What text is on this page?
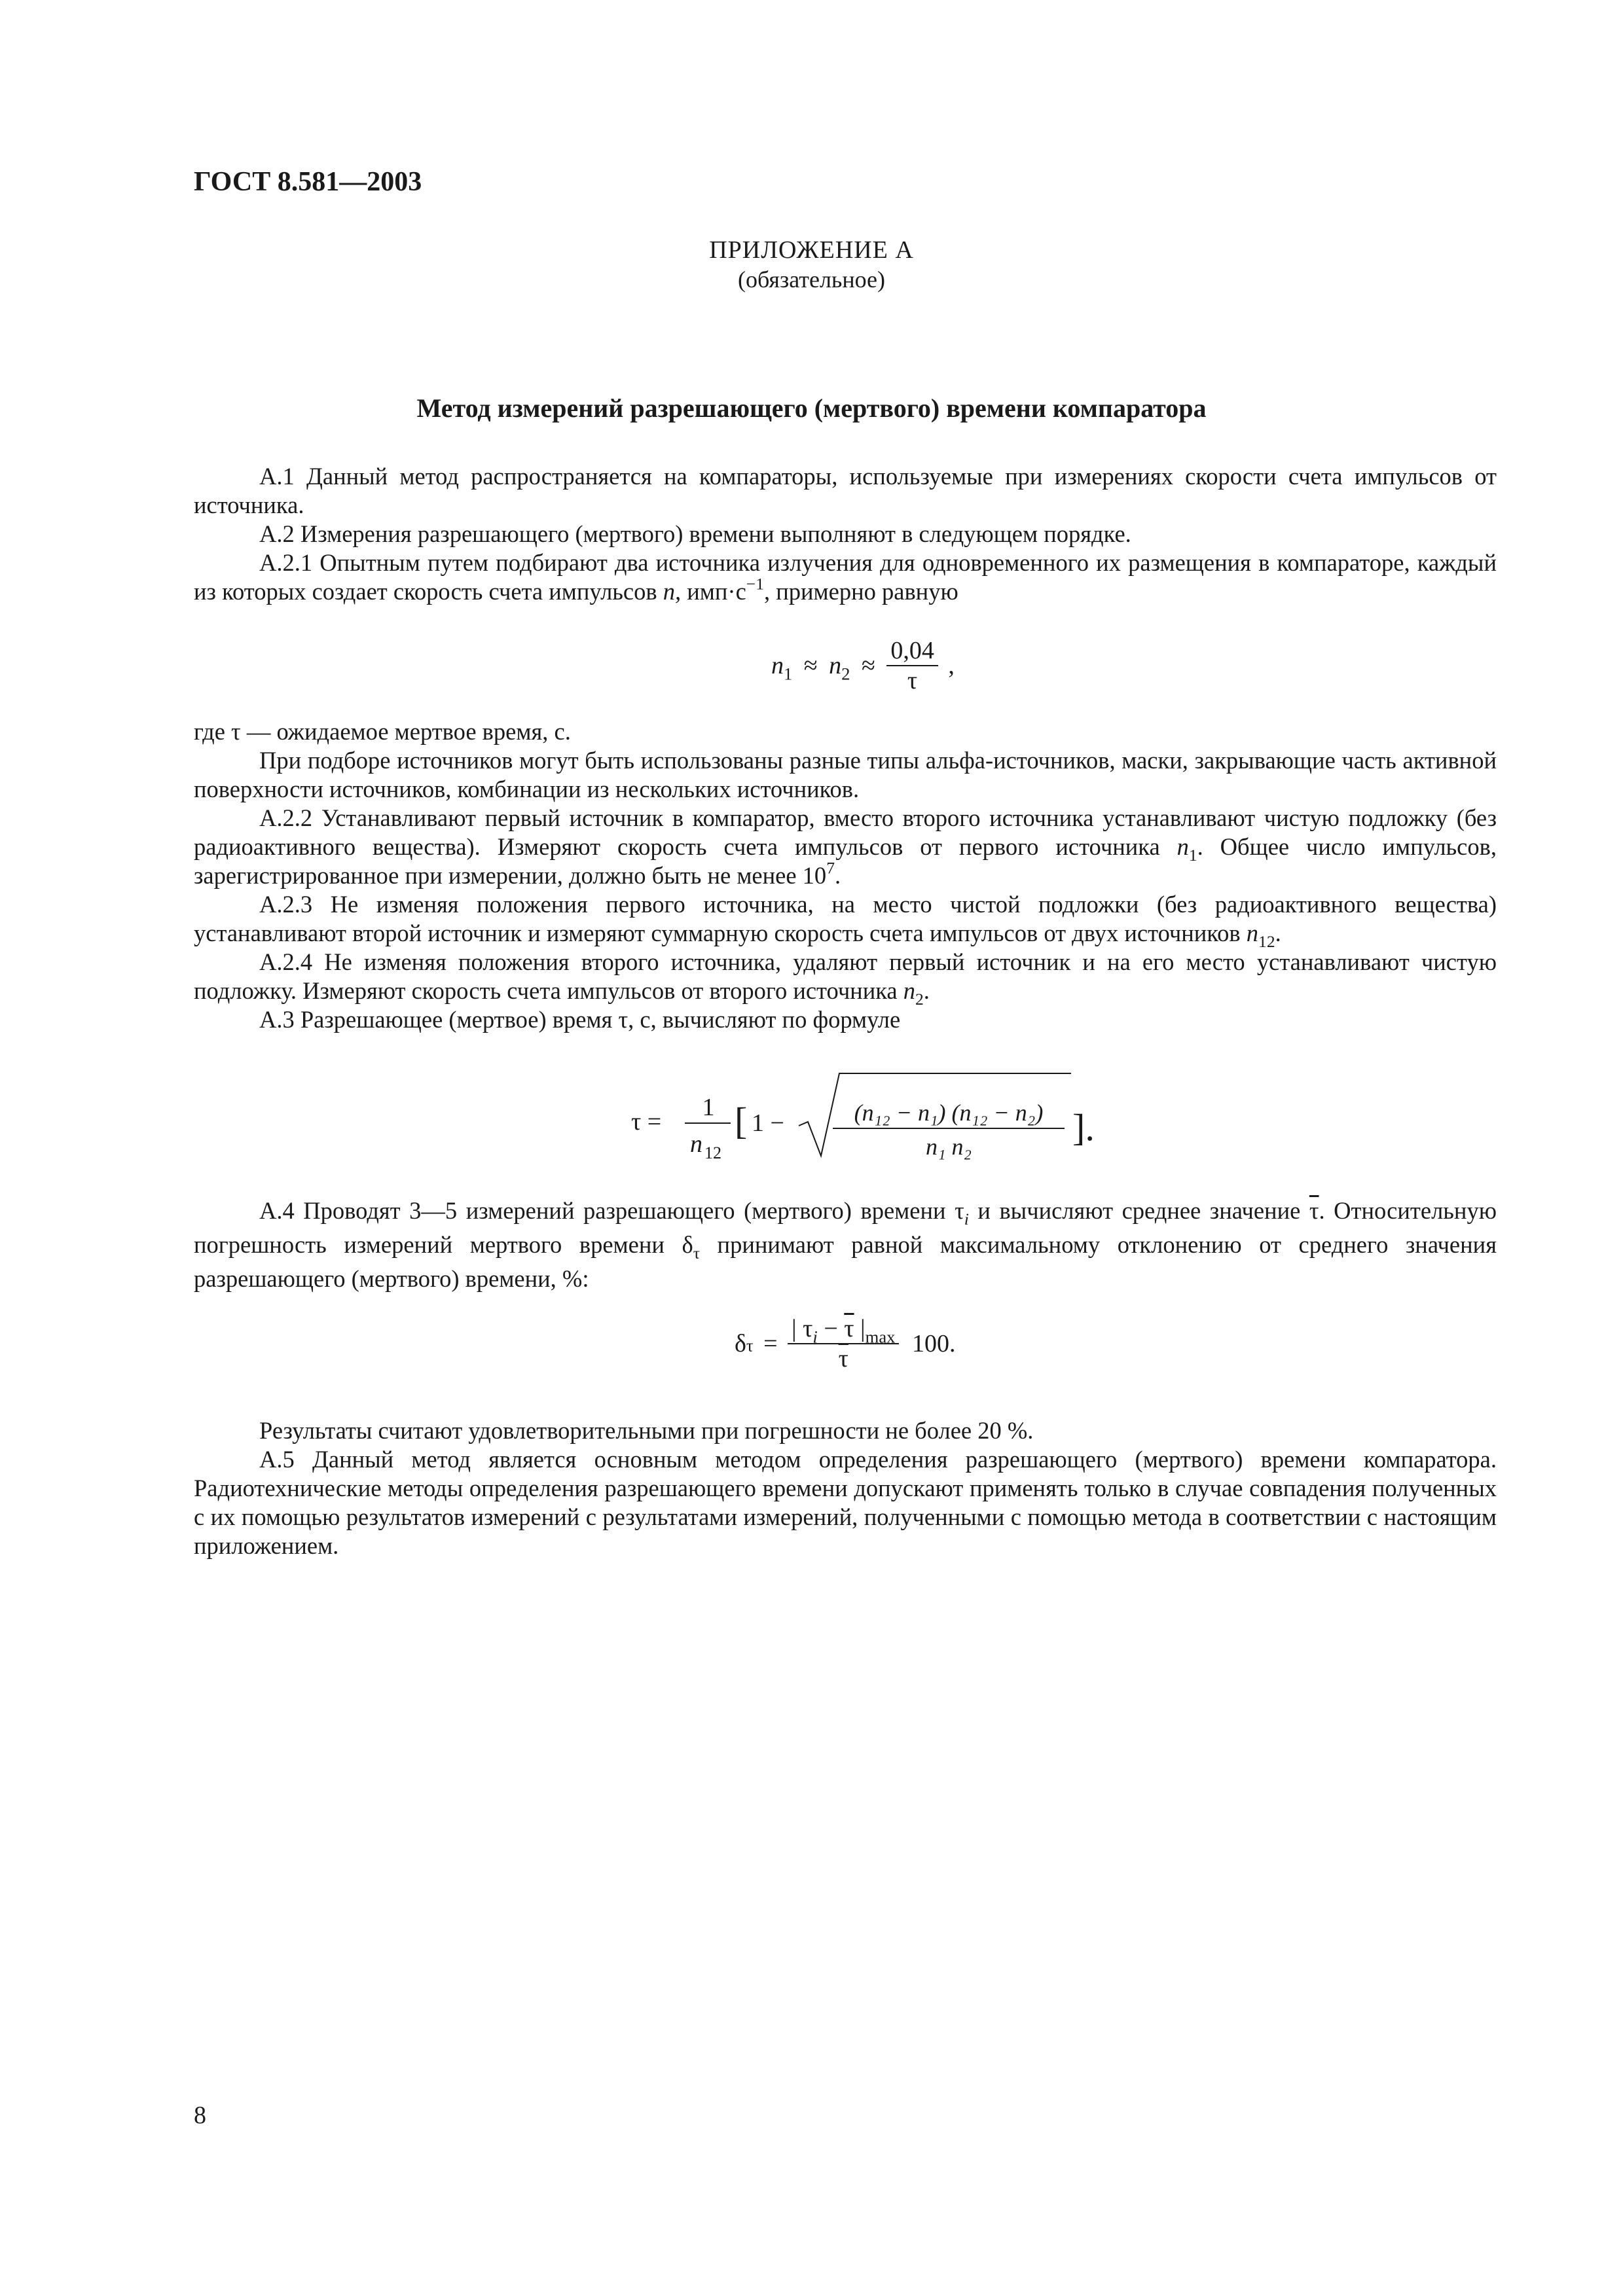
ГОСТ 8.581—2003
ПРИЛОЖЕНИЕ А
(обязательное)
Метод измерений разрешающего (мертвого) времени компаратора

А.1 Данный метод распространяется на компараторы, используемые при измерениях скорости счета импульсов от источника.

А.2 Измерения разрешающего (мертвого) времени выполняют в следующем порядке.

А.2.1 Опытным путем подбирают два источника излучения для одновременного их размещения в компараторе, каждый из которых создает скорость счета импульсов n, $имп\cdot с^{-1}$, примерно равную

$n_1 \approx n_2 \approx \frac{0,04}{\tau}$ ,

где τ — ожидаемое мертвое время, с.

При подборе источников могут быть использованы разные типы альфа-источников, маски, закрывающие часть активной поверхности источников, комбинации из нескольких источников.

А.2.2 Устанавливают первый источник в компаратор, вместо второго источника устанавливают чистую подложку (без радиоактивного вещества). Измеряют скорость счета импульсов от первого источника $n_1$. Общее число импульсов, зарегистрированное при измерении, должно быть не менее $10^7$.

А.2.3 Не изменяя положения первого источника, на место чистой подложки (без радиоактивного вещества) устанавливают второй источник и измеряют суммарную скорость счета импульсов от двух источников $n_{12}$.

А.2.4 Не изменяя положения второго источника, удаляют первый источник и на его место устанавливают чистую подложку. Измеряют скорость счета импульсов от второго источника $n_2$.

А.3 Разрешающее (мертвое) время τ, с, вычисляют по формуле

τ =
1
n 12
[ 1 −	(n₁₂ − n₁) (n₁₂ − n₂)
n₁ n₂	].

А.4 Проводят 3—5 измерений разрешающего (мертвого) времени $\tau_i$ и вычисляют среднее значение $\overline{\tau}$. Относительную погрешность измерений мертвого времени $\delta_\tau$ принимают равной максимальному отклонению от среднего значения разрешающего (мертвого) времени, %:

$\delta_\tau = \frac{| \tau_i - \overline{\tau} |_{max}}{\tau} 100$.

Результаты считают удовлетворительными при погрешности не более 20 %.

А.5 Данный метод является основным методом определения разрешающего (мертвого) времени компаратора. Радиотехнические методы определения разрешающего времени допускают применять только в случае совпадения полученных с их помощью результатов измерений с результатами измерений, полученными с помощью метода в соответствии с настоящим приложением.

8
